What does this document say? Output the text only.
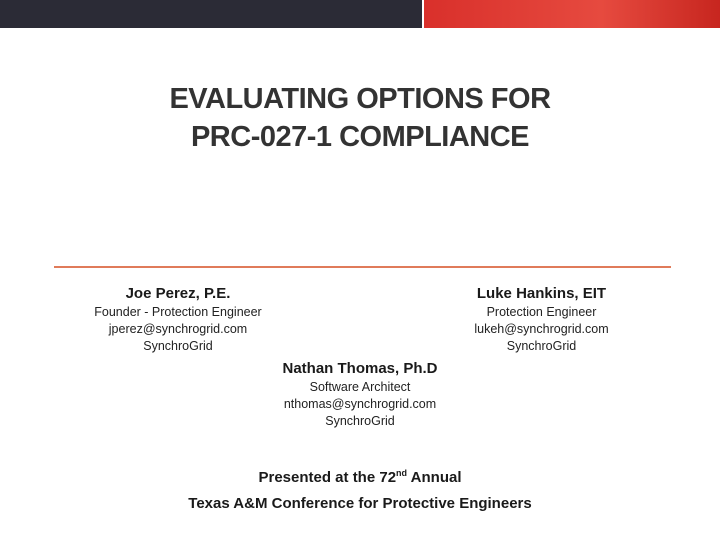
EVALUATING OPTIONS FOR
PRC-027-1 COMPLIANCE
Joe Perez, P.E.
Founder - Protection Engineer
jperez@synchrogrid.com
SynchroGrid
Luke Hankins, EIT
Protection Engineer
lukeh@synchrogrid.com
SynchroGrid
Nathan Thomas, Ph.D
Software Architect
nthomas@synchrogrid.com
SynchroGrid
Presented at the 72nd Annual
Texas A&M Conference for Protective Engineers
